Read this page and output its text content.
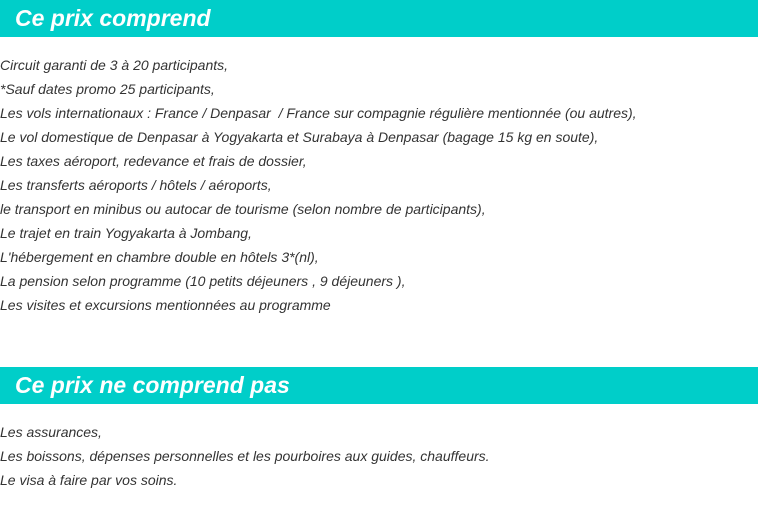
Ce prix comprend
Circuit garanti de 3 à 20 participants,
*Sauf dates promo 25 participants,
Les vols internationaux : France / Denpasar  / France sur compagnie régulière mentionnée (ou autres),
Le vol domestique de Denpasar à Yogyakarta et Surabaya à Denpasar (bagage 15 kg en soute),
Les taxes aéroport, redevance et frais de dossier,
Les transferts aéroports / hôtels / aéroports,
le transport en minibus ou autocar de tourisme (selon nombre de participants),
Le trajet en train Yogyakarta à Jombang,
L'hébergement en chambre double en hôtels 3*(nl),
La pension selon programme (10 petits déjeuners , 9 déjeuners ),
Les visites et excursions mentionnées au programme
Ce prix ne comprend pas
Les assurances,
Les boissons, dépenses personnelles et les pourboires aux guides, chauffeurs.
Le visa à faire par vos soins.
